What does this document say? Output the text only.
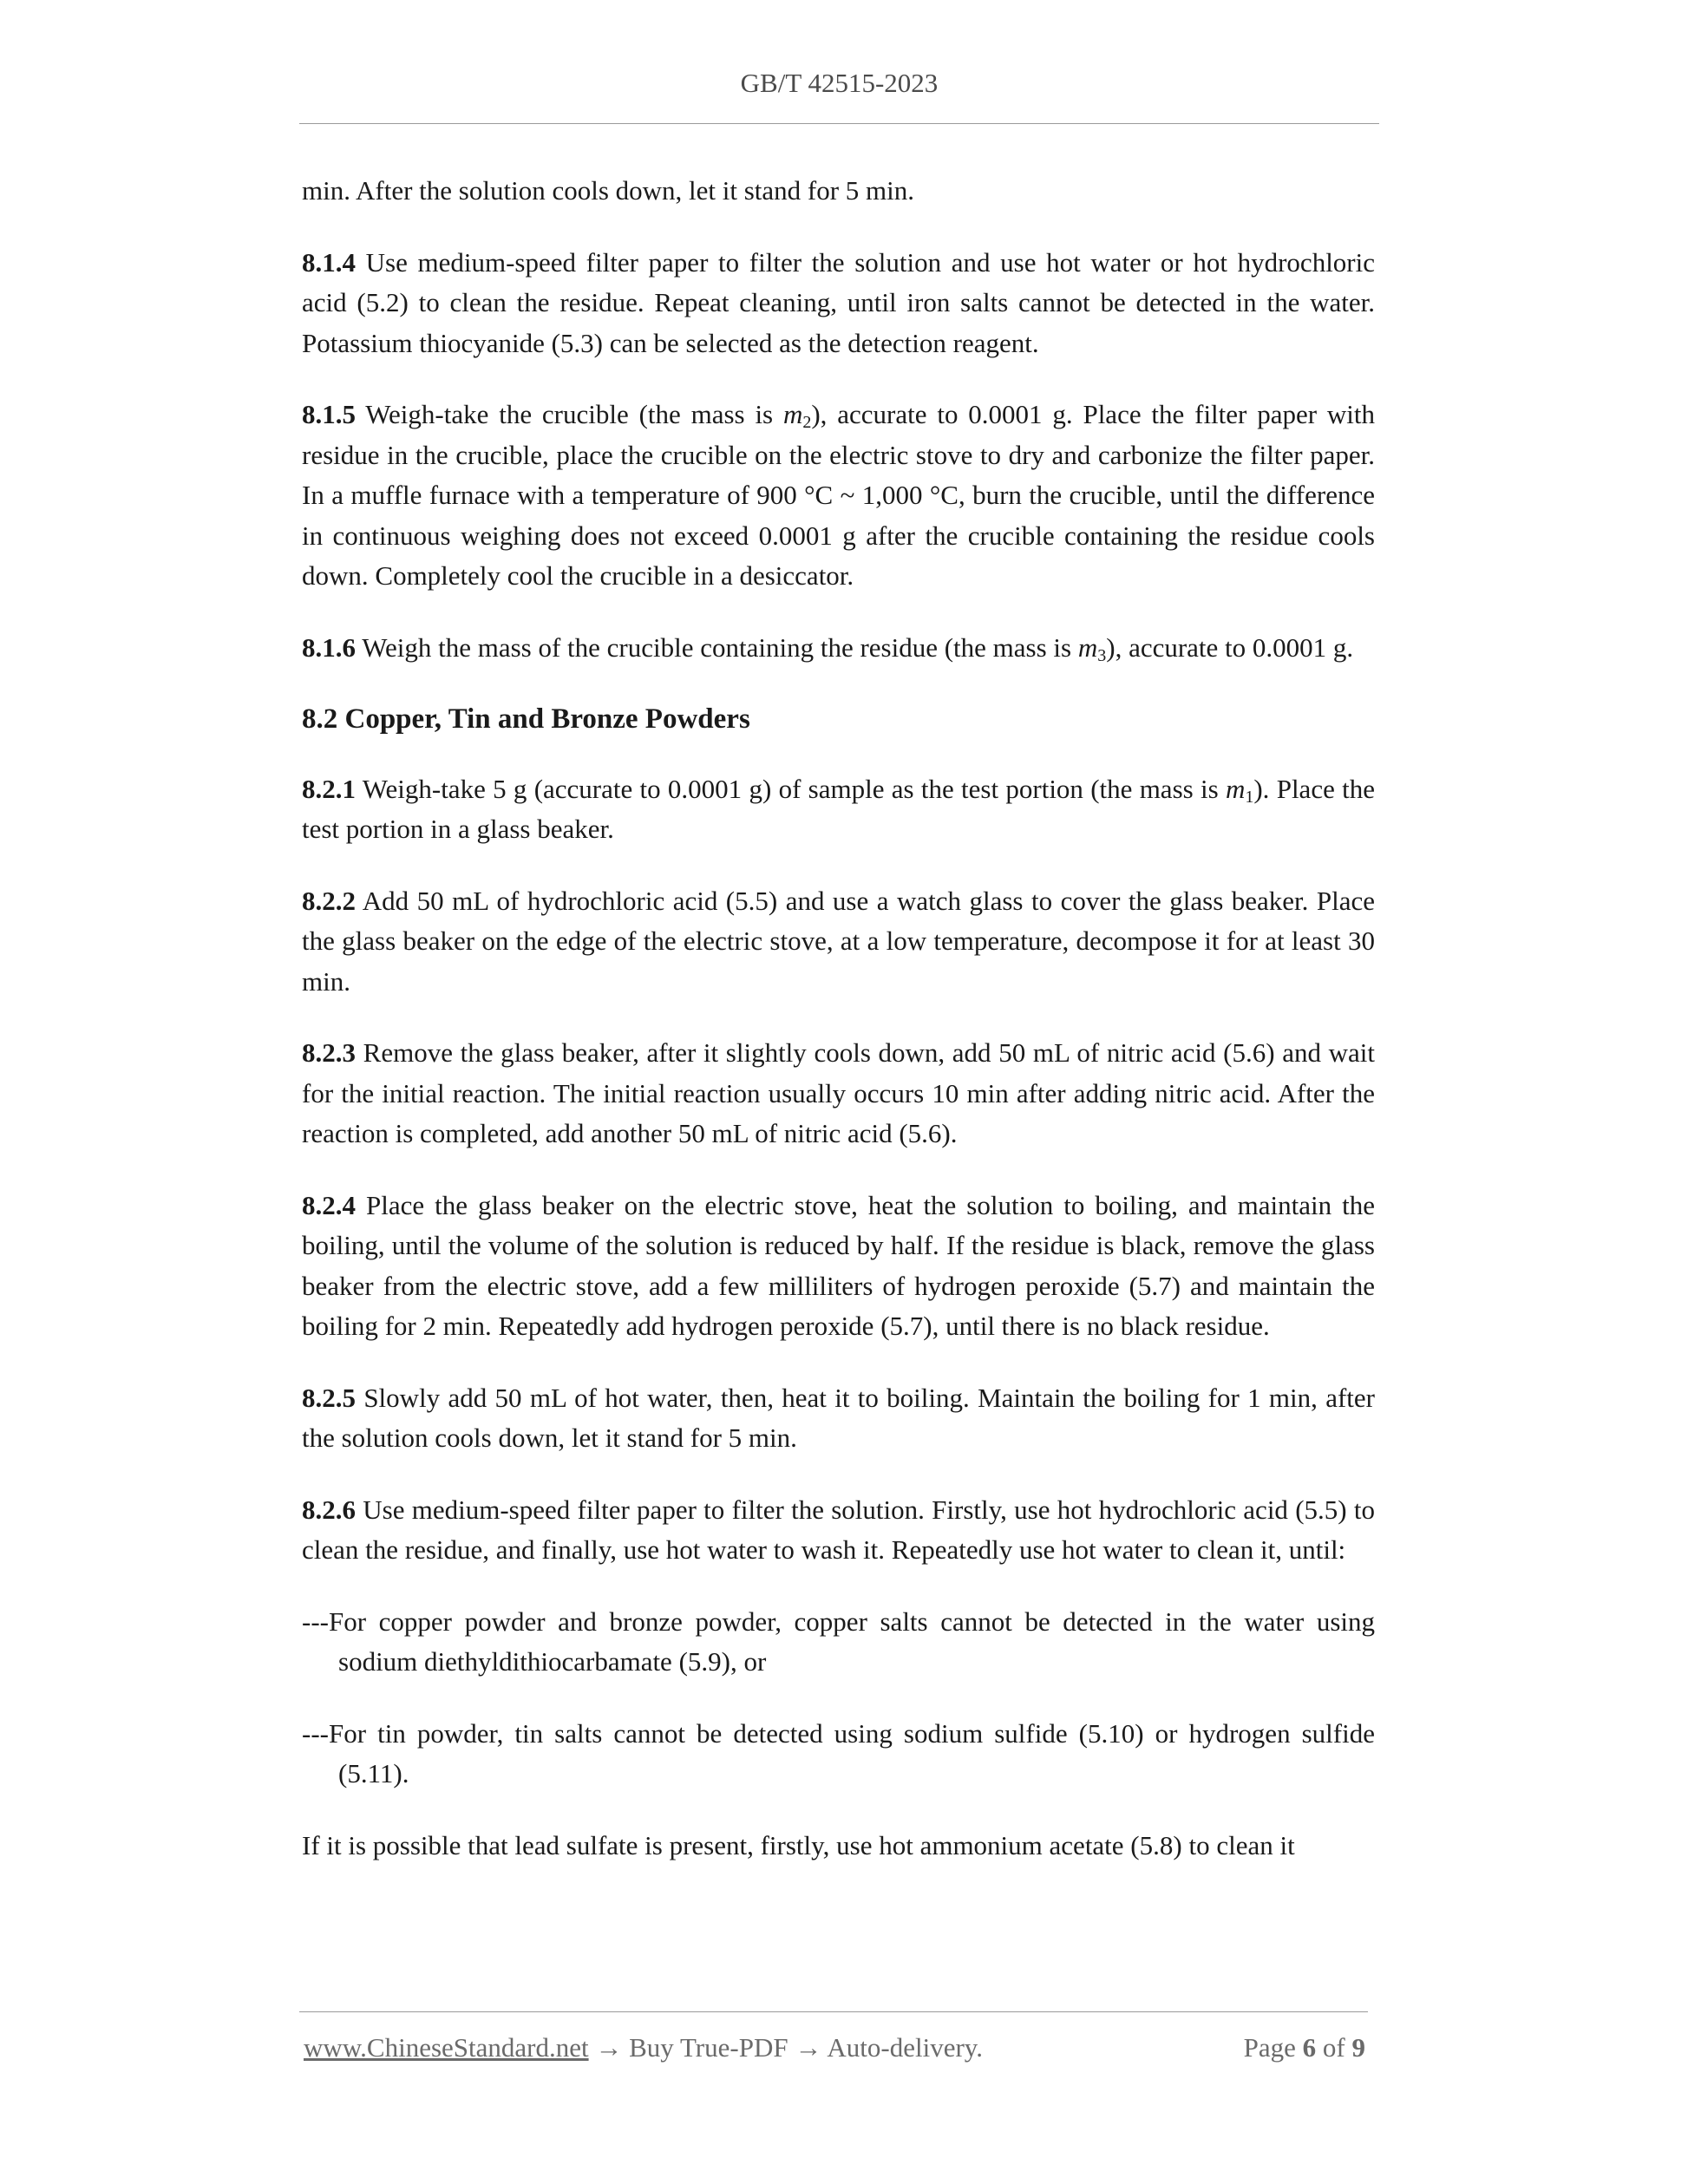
GB/T 42515-2023

min. After the solution cools down, let it stand for 5 min.

8.1.4 Use medium-speed filter paper to filter the solution and use hot water or hot hydrochloric acid (5.2) to clean the residue. Repeat cleaning, until iron salts cannot be detected in the water. Potassium thiocyanide (5.3) can be selected as the detection reagent.

8.1.5 Weigh-take the crucible (the mass is $m_2$), accurate to 0.0001 g. Place the filter paper with residue in the crucible, place the crucible on the electric stove to dry and carbonize the filter paper. In a muffle furnace with a temperature of 900 °C ~ 1,000 °C, burn the crucible, until the difference in continuous weighing does not exceed 0.0001 g after the crucible containing the residue cools down. Completely cool the crucible in a desiccator.

8.1.6 Weigh the mass of the crucible containing the residue (the mass is $m_3$), accurate to 0.0001 g.

8.2 Copper, Tin and Bronze Powders

8.2.1 Weigh-take 5 g (accurate to 0.0001 g) of sample as the test portion (the mass is $m_1$). Place the test portion in a glass beaker.

8.2.2 Add 50 mL of hydrochloric acid (5.5) and use a watch glass to cover the glass beaker. Place the glass beaker on the edge of the electric stove, at a low temperature, decompose it for at least 30 min.

8.2.3 Remove the glass beaker, after it slightly cools down, add 50 mL of nitric acid (5.6) and wait for the initial reaction. The initial reaction usually occurs 10 min after adding nitric acid. After the reaction is completed, add another 50 mL of nitric acid (5.6).

8.2.4 Place the glass beaker on the electric stove, heat the solution to boiling, and maintain the boiling, until the volume of the solution is reduced by half. If the residue is black, remove the glass beaker from the electric stove, add a few milliliters of hydrogen peroxide (5.7) and maintain the boiling for 2 min. Repeatedly add hydrogen peroxide (5.7), until there is no black residue.

8.2.5 Slowly add 50 mL of hot water, then, heat it to boiling. Maintain the boiling for 1 min, after the solution cools down, let it stand for 5 min.

8.2.6 Use medium-speed filter paper to filter the solution. Firstly, use hot hydrochloric acid (5.5) to clean the residue, and finally, use hot water to wash it. Repeatedly use hot water to clean it, until:

---For copper powder and bronze powder, copper salts cannot be detected in the water using sodium diethyldithiocarbamate (5.9), or

---For tin powder, tin salts cannot be detected using sodium sulfide (5.10) or hydrogen sulfide (5.11).

If it is possible that lead sulfate is present, firstly, use hot ammonium acetate (5.8) to clean it

www.ChineseStandard.net → Buy True-PDF → Auto-delivery.	Page 6 of 9
